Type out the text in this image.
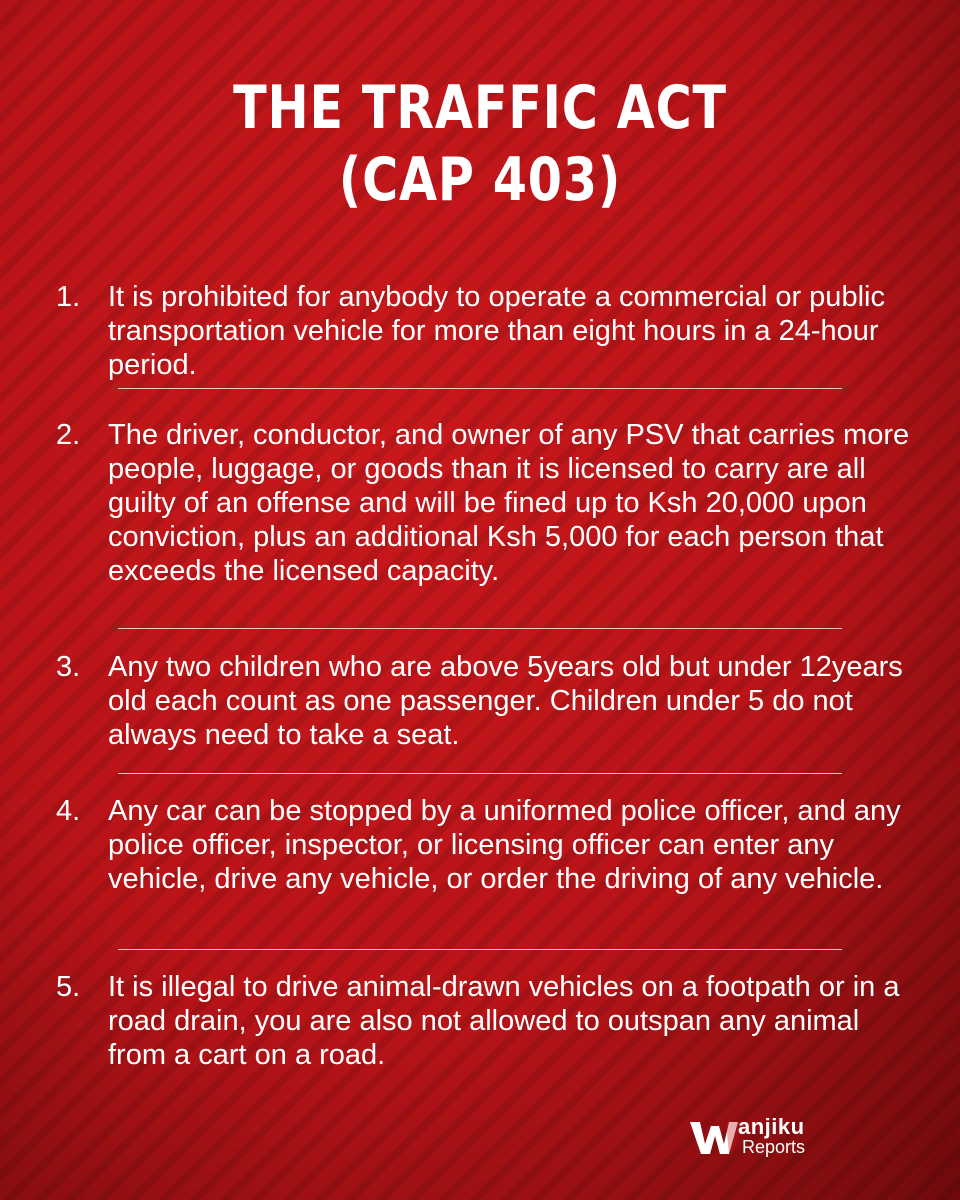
THE TRAFFIC ACT
(CAP 403)
1. It is prohibited for anybody to operate a commercial or public transportation vehicle for more than eight hours in a 24-hour period.
2. The driver, conductor, and owner of any PSV that carries more people, luggage, or goods than it is licensed to carry are all guilty of an offense and will be fined up to Ksh 20,000 upon conviction, plus an additional Ksh 5,000 for each person that exceeds the licensed capacity.
3. Any two children who are above 5years old but under 12years old each count as one passenger. Children under 5 do not always need to take a seat.
4. Any car can be stopped by a uniformed police officer, and any police officer, inspector, or licensing officer can enter any vehicle, drive any vehicle, or order the driving of any vehicle.
5. It is illegal to drive animal-drawn vehicles on a footpath or in a road drain, you are also not allowed to outspan any animal from a cart on a road.
anjiku
Reports
